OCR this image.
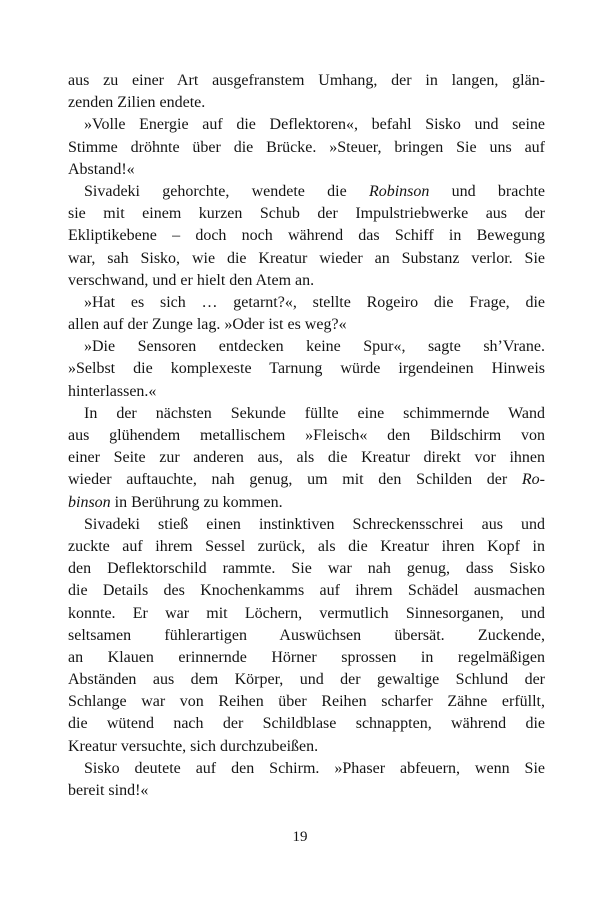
aus zu einer Art ausgefranstem Umhang, der in langen, glän-
zenden Zilien endete.
»Volle Energie auf die Deflektoren«, befahl Sisko und seine
Stimme dröhnte über die Brücke. »Steuer, bringen Sie uns auf
Abstand!«
Sivadeki gehorchte, wendete die Robinson und brachte
sie mit einem kurzen Schub der Impulstriebwerke aus der
Ekliptikebene – doch noch während das Schiff in Bewegung
war, sah Sisko, wie die Kreatur wieder an Substanz verlor. Sie
verschwand, und er hielt den Atem an.
»Hat es sich … getarnt?«, stellte Rogeiro die Frage, die
allen auf der Zunge lag. »Oder ist es weg?«
»Die Sensoren entdecken keine Spur«, sagte sh’Vrane.
»Selbst die komplexeste Tarnung würde irgendeinen Hinweis
hinterlassen.«
In der nächsten Sekunde füllte eine schimmernde Wand
aus glühendem metallischem »Fleisch« den Bildschirm von
einer Seite zur anderen aus, als die Kreatur direkt vor ihnen
wieder auftauchte, nah genug, um mit den Schilden der Ro-
binson in Berührung zu kommen.
Sivadeki stieß einen instinktiven Schreckensschrei aus und
zuckte auf ihrem Sessel zurück, als die Kreatur ihren Kopf in
den Deflektorschild rammte. Sie war nah genug, dass Sisko
die Details des Knochenkamms auf ihrem Schädel ausmachen
konnte. Er war mit Löchern, vermutlich Sinnesorganen, und
seltsamen fühlerartigen Auswüchsen übersät. Zuckende,
an Klauen erinnernde Hörner sprossen in regelmäßigen
Abständen aus dem Körper, und der gewaltige Schlund der
Schlange war von Reihen über Reihen scharfer Zähne erfüllt,
die wütend nach der Schildblase schnappten, während die
Kreatur versuchte, sich durchzubeißen.
Sisko deutete auf den Schirm. »Phaser abfeuern, wenn Sie
bereit sind!«
19
